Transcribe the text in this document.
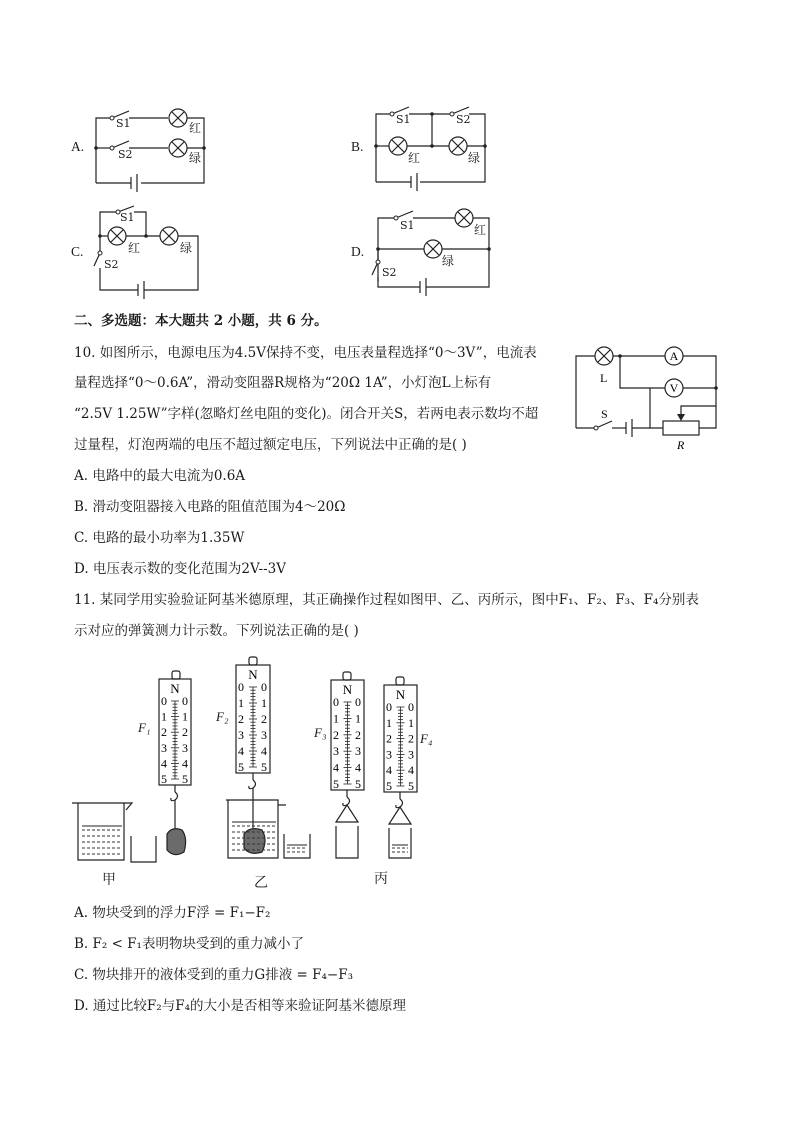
A.
S1
S2
红
绿
B.
S1	S2
红	绿
C.
S1
S2
红	绿	D.
S1
S2
红
绿
二、多选题：本大题共 2 小题，共 6 分。
10. 如图所示，电源电压为4.5V保持不变，电压表量程选择“0～3V”，电流表
量程选择“0～0.6A”，滑动变阻器R规格为“20Ω 1A”，小灯泡L上标有
“2.5V 1.25W”字样(忽略灯丝电阻的变化)。闭合开关S，若两电表示数均不超
过量程，灯泡两端的电压不超过额定电压，下列说法中正确的是( )
A. 电路中的最大电流为0.6A
B. 滑动变阻器接入电路的阻值范围为4～20Ω
C. 电路的最小功率为1.35W
D. 电压表示数的变化范围为2V--3V
A
V
L
S
R
11. 某同学用实验验证阿基米德原理，其正确操作过程如图甲、乙、丙所示，图中F₁、F₂、F₃、F₄分别表
示对应的弹簧测力计示数。下列说法正确的是( )
N
0 0
1 1
2 2
3 3
4 4
5 5
N
0 0
1 1
2 2
3 3
4 4
5 5
N
0 0
1 1
2 2
3 3
4 4
5 5
N
0 0
1 1
2 2
3 3
4 4
5 5
F₁
F₂
F₃	F₄
甲	乙	丙
A. 物块受到的浮力F浮 = F₁−F₂
B. F₂ < F₁表明物块受到的重力减小了
C. 物块排开的液体受到的重力G排液 = F₄−F₃
D. 通过比较F₂与F₄的大小是否相等来验证阿基米德原理
